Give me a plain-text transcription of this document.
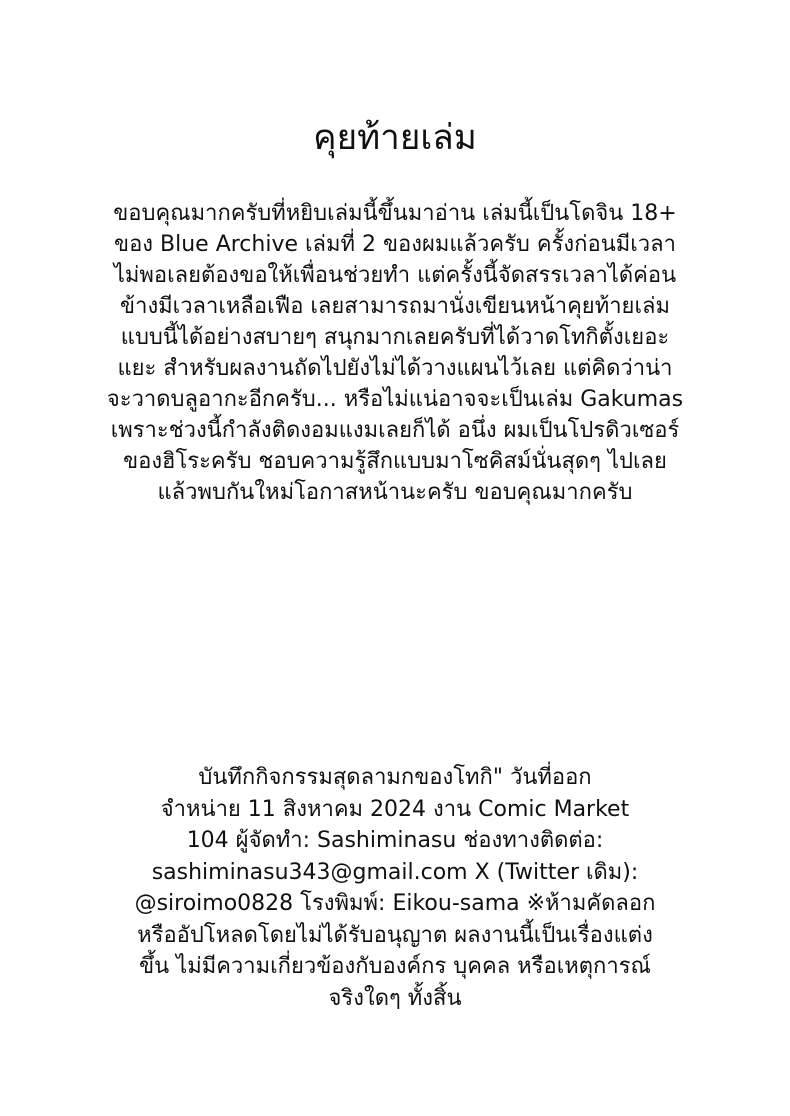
คุยท้ายเล่ม

ขอบคุณมากครับที่หยิบเล่มนี้ขึ้นมาอ่าน เล่มนี้เป็นโดจิน 18+

ของ Blue Archive เล่มที่ 2 ของผมแล้วครับ ครั้งก่อนมีเวลา

ไม่พอเลยต้องขอให้เพื่อนช่วยทำ แต่ครั้งนี้จัดสรรเวลาได้ค่อน

ข้างมีเวลาเหลือเฟือ เลยสามารถมานั่งเขียนหน้าคุยท้ายเล่ม

แบบนี้ได้อย่างสบายๆ สนุกมากเลยครับที่ได้วาดโทกิตั้งเยอะ

แยะ สำหรับผลงานถัดไปยังไม่ได้วางแผนไว้เลย แต่คิดว่าน่า

จะวาดบลูอากะอีกครับ... หรือไม่แน่อาจจะเป็นเล่ม Gakumas

เพราะช่วงนี้กำลังติดงอมแงมเลยก็ได้ อนึ่ง ผมเป็นโปรดิวเซอร์

ของฮิโระครับ ชอบความรู้สึกแบบมาโซคิสม์นั่นสุดๆ ไปเลย

แล้วพบกันใหม่โอกาสหน้านะครับ ขอบคุณมากครับ

บันทึกกิจกรรมสุดลามกของโทกิ" วันที่ออก

จำหน่าย 11 สิงหาคม 2024 งาน Comic Market

104 ผู้จัดทำ: Sashiminasu ช่องทางติดต่อ:

sashiminasu343@gmail.com X (Twitter เดิม):

@siroimo0828 โรงพิมพ์: Eikou-sama ※ห้ามคัดลอก

หรืออัปโหลดโดยไม่ได้รับอนุญาต ผลงานนี้เป็นเรื่องแต่ง

ขึ้น ไม่มีความเกี่ยวข้องกับองค์กร บุคคล หรือเหตุการณ์

จริงใดๆ ทั้งสิ้น
